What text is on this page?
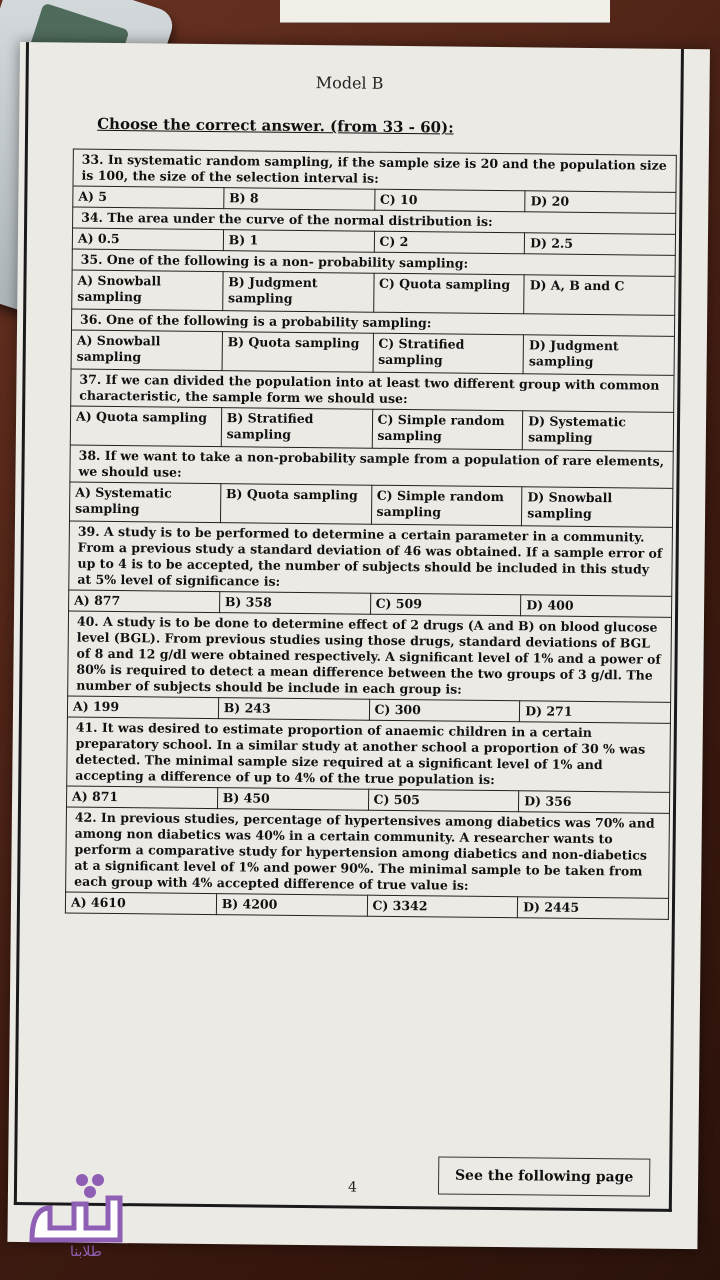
Model B
Choose the correct answer. (from 33 - 60):
33. In systematic random sampling, if the sample size is 20 and the population size is 100, the size of the selection interval is:			
A) 5	B) 8	C) 10	D) 20
34. The area under the curve of the normal distribution is:			
A) 0.5	B) 1	C) 2	D) 2.5
35. One of the following is a non- probability sampling:			
A) Snowball sampling	B) Judgment sampling	C) Quota sampling	D) A, B and C
36. One of the following is a probability sampling:			
A) Snowball sampling	B) Quota sampling	C) Stratified sampling	D) Judgment sampling
37. If we can divided the population into at least two different group with common characteristic, the sample form we should use:			
A) Quota sampling	B) Stratified sampling	C) Simple random sampling	D) Systematic sampling
38. If we want to take a non-probability sample from a population of rare elements, we should use:			
A) Systematic sampling	B) Quota sampling	C) Simple random sampling	D) Snowball sampling
39. A study is to be performed to determine a certain parameter in a community. From a previous study a standard deviation of 46 was obtained. If a sample error of up to 4 is to be accepted, the number of subjects should be included in this study at 5% level of significance is:			
A) 877	B) 358	C) 509	D) 400
40. A study is to be done to determine effect of 2 drugs (A and B) on blood glucose level (BGL). From previous studies using those drugs, standard deviations of BGL of 8 and 12 g/dl were obtained respectively. A significant level of 1% and a power of 80% is required to detect a mean difference between the two groups of 3 g/dl. The number of subjects should be include in each group is:			
A) 199	B) 243	C) 300	D) 271
41. It was desired to estimate proportion of anaemic children in a certain preparatory school. In a similar study at another school a proportion of 30 % was detected. The minimal sample size required at a significant level of 1% and accepting a difference of up to 4% of the true population is:			
A) 871	B) 450	C) 505	D) 356
42. In previous studies, percentage of hypertensives among diabetics was 70% and among non diabetics was 40% in a certain community. A researcher wants to perform a comparative study for hypertension among diabetics and non-diabetics at a significant level of 1% and power 90%. The minimal sample to be taken from each group with 4% accepted difference of true value is:			
A) 4610	B) 4200	C) 3342	D) 2445
4
See the following page
طلابنا
